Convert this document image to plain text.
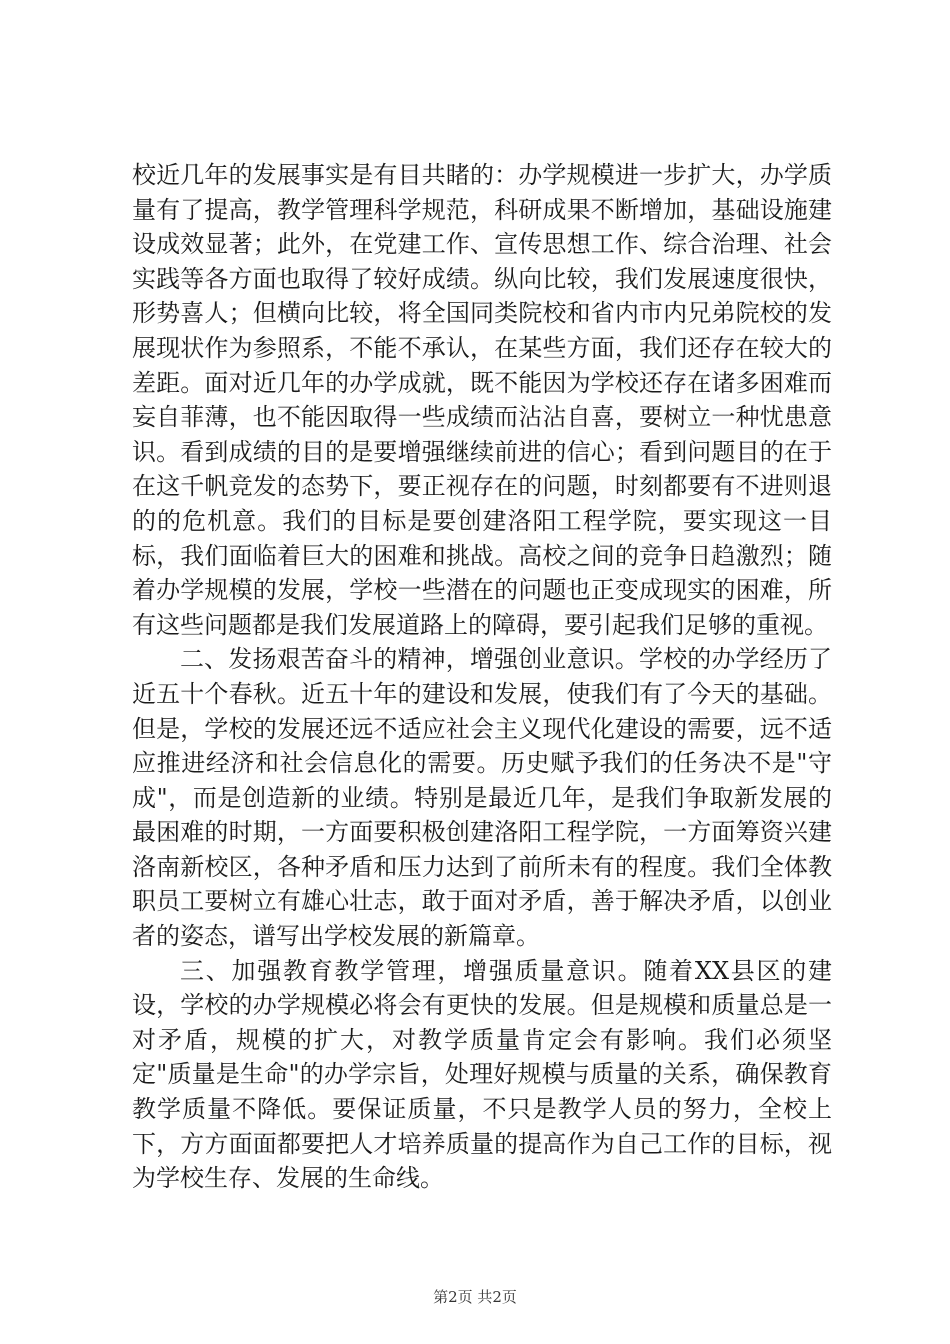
校近几年的发展事实是有目共睹的：办学规模进一步扩大，办学质量有了提高，教学管理科学规范，科研成果不断增加，基础设施建设成效显著；此外，在党建工作、宣传思想工作、综合治理、社会实践等各方面也取得了较好成绩。纵向比较，我们发展速度很快，形势喜人；但横向比较，将全国同类院校和省内市内兄弟院校的发展现状作为参照系，不能不承认，在某些方面，我们还存在较大的差距。面对近几年的办学成就，既不能因为学校还存在诸多困难而妄自菲薄，也不能因取得一些成绩而沾沾自喜，要树立一种忧患意识。看到成绩的目的是要增强继续前进的信心；看到问题目的在于在这千帆竞发的态势下，要正视存在的问题，时刻都要有不进则退的的危机意。我们的目标是要创建洛阳工程学院，要实现这一目标，我们面临着巨大的困难和挑战。高校之间的竞争日趋激烈；随着办学规模的发展，学校一些潜在的问题也正变成现实的困难，所有这些问题都是我们发展道路上的障碍，要引起我们足够的重视。

二、发扬艰苦奋斗的精神，增强创业意识。学校的办学经历了近五十个春秋。近五十年的建设和发展，使我们有了今天的基础。但是，学校的发展还远不适应社会主义现代化建设的需要，远不适应推进经济和社会信息化的需要。历史赋予我们的任务决不是"守成"，而是创造新的业绩。特别是最近几年，是我们争取新发展的最困难的时期，一方面要积极创建洛阳工程学院，一方面筹资兴建洛南新校区，各种矛盾和压力达到了前所未有的程度。我们全体教职员工要树立有雄心壮志，敢于面对矛盾，善于解决矛盾，以创业者的姿态，谱写出学校发展的新篇章。

三、加强教育教学管理，增强质量意识。随着XX县区的建设，学校的办学规模必将会有更快的发展。但是规模和质量总是一对矛盾，规模的扩大，对教学质量肯定会有影响。我们必须坚定"质量是生命"的办学宗旨，处理好规模与质量的关系，确保教育教学质量不降低。要保证质量，不只是教学人员的努力，全校上下，方方面面都要把人才培养质量的提高作为自己工作的目标，视为学校生存、发展的生命线。

第2页 共2页
